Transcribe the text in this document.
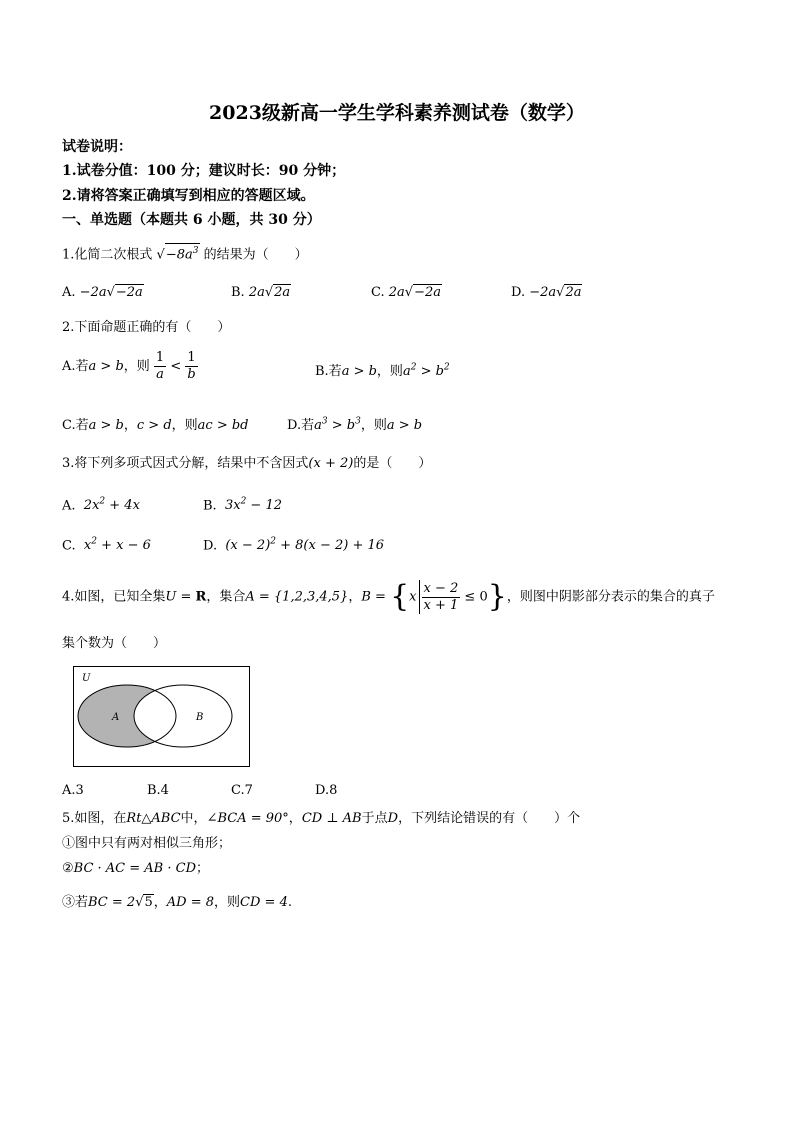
2023级新高一学生学科素养测试卷（数学）
试卷说明：
1.试卷分值：100 分；建议时长：90 分钟；
2.请将答案正确填写到相应的答题区域。
一、单选题（本题共 6 小题，共 30 分）
1.化简二次根式 $√-8a^3$ 的结果为（　　）
A. −2a√−2a	B. 2a√2a	C. 2a√−2a	D. −2a√2a
2.下面命题正确的有（　　）
A.若a > b，则 $\frac{1}{a} < \frac{1}{b}$	B.若a > b，则$a^2 > b^2$
C.若a > b，c > d，则ac > bd	D.若$a^3 > b^3$，则a > b
3.将下列多项式因式分解，结果中不含因式(x + 2)的是（　　）
A. $2x^2 + 4x$	B. $3x^2 - 12$
C. $x^2 + x - 6$	D. $(x - 2)^2 + 8(x - 2) + 16$
4.如图，已知全集U = R，集合A = {1,2,3,4,5}，$B = \{x \frac{x - 2}{x + 1} \le 0\}$，则图中阴影部分表示的集合的真子
集个数为（　　）
U
A	B
A.3	B.4	C.7	D.8
5.如图，在Rt△ABC中，∠BCA = 90°，CD ⊥ AB于点D，下列结论错误的有（　　）个
①图中只有两对相似三角形；
②BC · AC = AB · CD；
③若BC = 2√5，AD = 8，则CD = 4.
